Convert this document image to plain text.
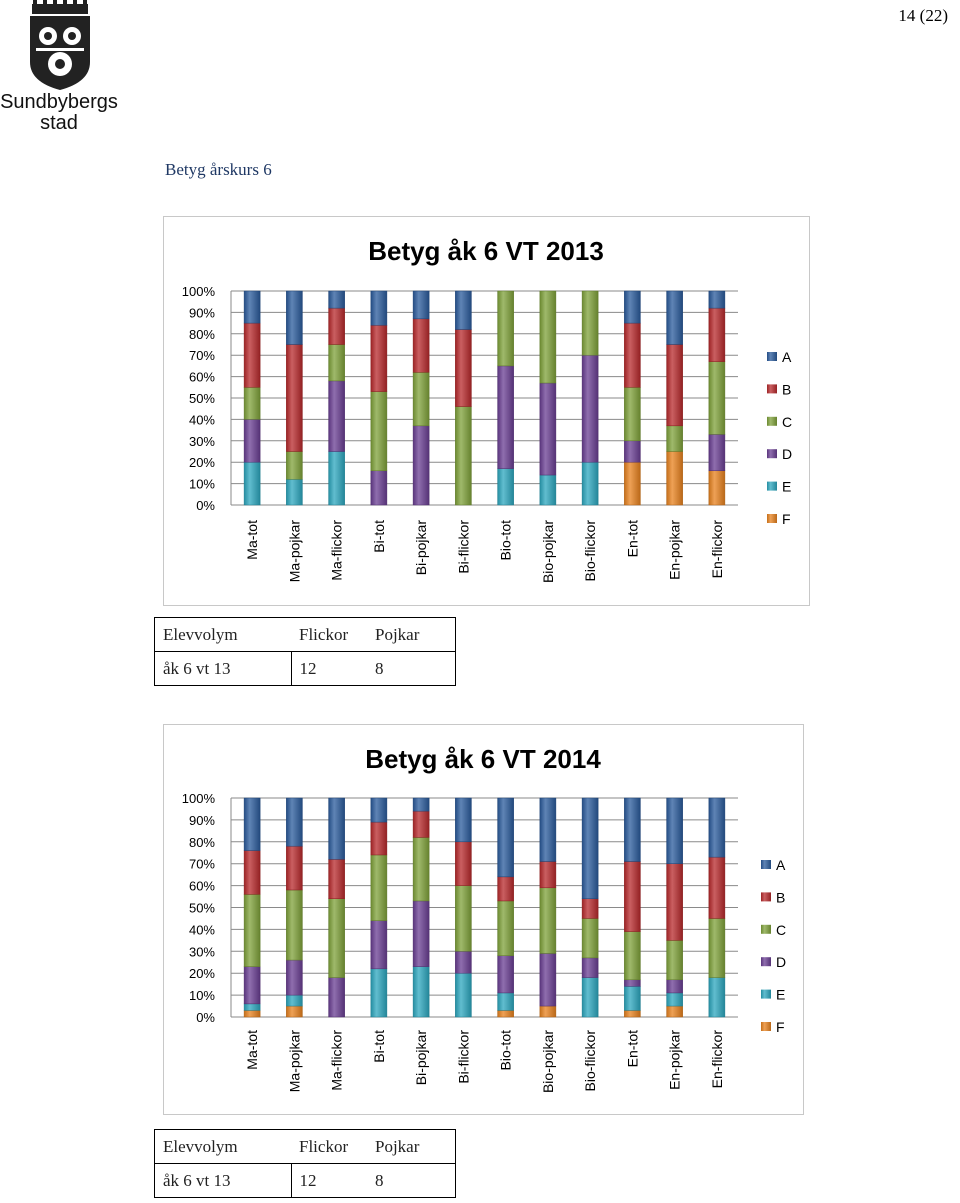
Sundbybergs
stad
14 (22)
Betyg årskurs 6
Betyg åk 6 VT 2013
0%
10%
20%
30%
40%
50%
60%
70%
80%
90%
100%
Ma-tot Ma-pojkar Ma-flickor Bi-tot Bi-pojkar Bi-flickor Bio-tot Bio-pojkar Bio-flickor En-tot En-pojkar En-flickor
A
B
C
D
E
F
Elevvolym	Flickor	Pojkar
åk 6 vt 13	12	8
Betyg åk 6 VT 2014
0%
10%
20%
30%
40%
50%
60%
70%
80%
90%
100%
Ma-tot Ma-pojkar Ma-flickor Bi-tot Bi-pojkar Bi-flickor Bio-tot Bio-pojkar Bio-flickor En-tot En-pojkar En-flickor
A
B
C
D
E
F
Elevvolym	Flickor	Pojkar
åk 6 vt 13	12	8
